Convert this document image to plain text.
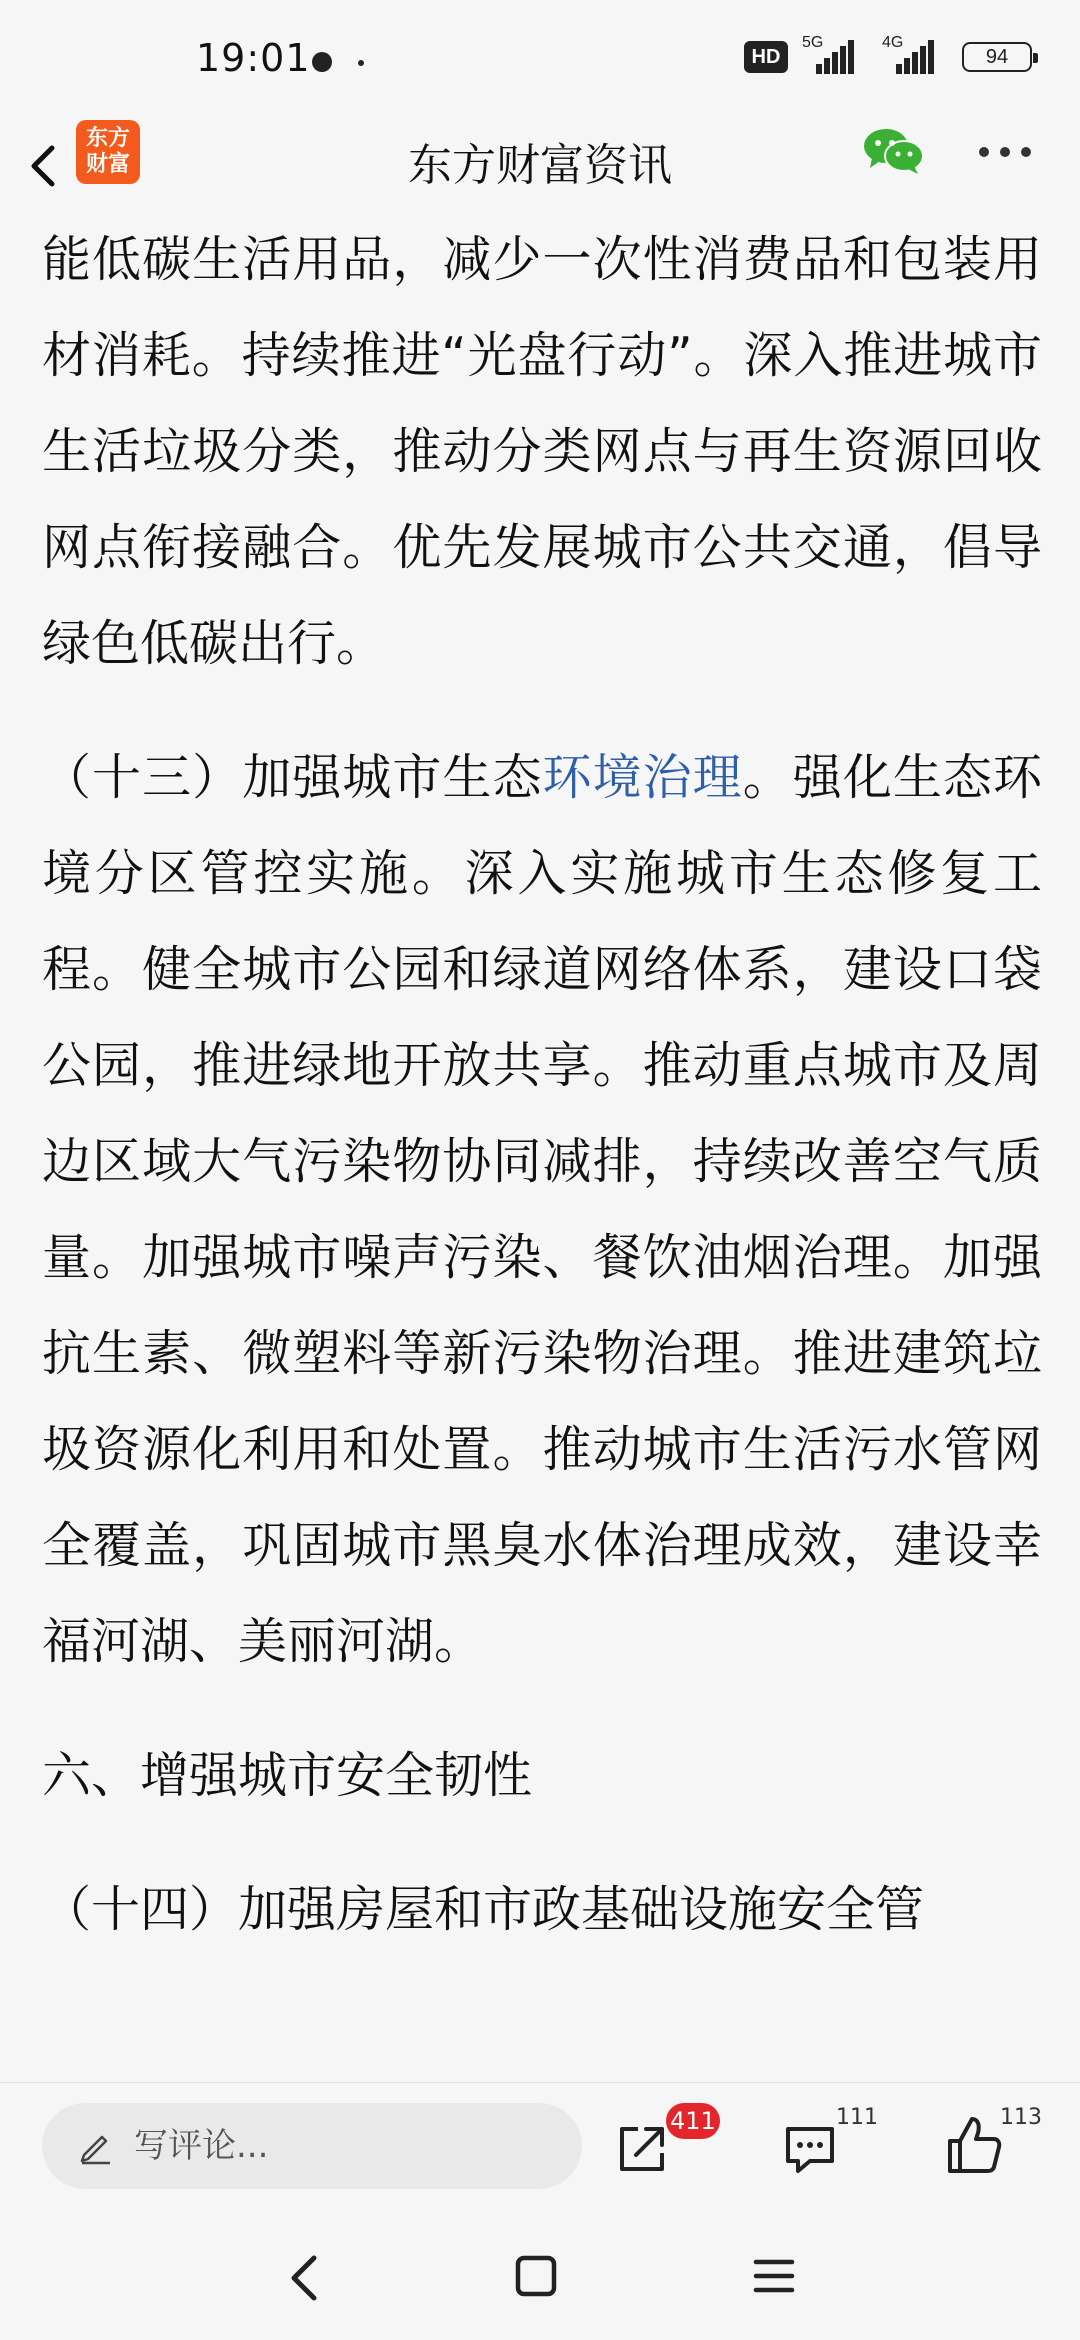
19:01	HD
5G	4G
94
东方财富资讯
东方
财富

能低碳生活用品，减少一次性消费品和包装用材消耗。持续推进“光盘行动”。深入推进城市生活垃圾分类，推动分类网点与再生资源回收网点衔接融合。优先发展城市公共交通，倡导绿色低碳出行。

（十三）加强城市生态环境治理。强化生态环境分区管控实施。深入实施城市生态修复工程。健全城市公园和绿道网络体系，建设口袋公园，推进绿地开放共享。推动重点城市及周边区域大气污染物协同减排，持续改善空气质量。加强城市噪声污染、餐饮油烟治理。加强抗生素、微塑料等新污染物治理。推进建筑垃圾资源化利用和处置。推动城市生活污水管网全覆盖，巩固城市黑臭水体治理成效，建设幸福河湖、美丽河湖。

六、增强城市安全韧性

（十四）加强房屋和市政基础设施安全管

写评论...
411	111	113
